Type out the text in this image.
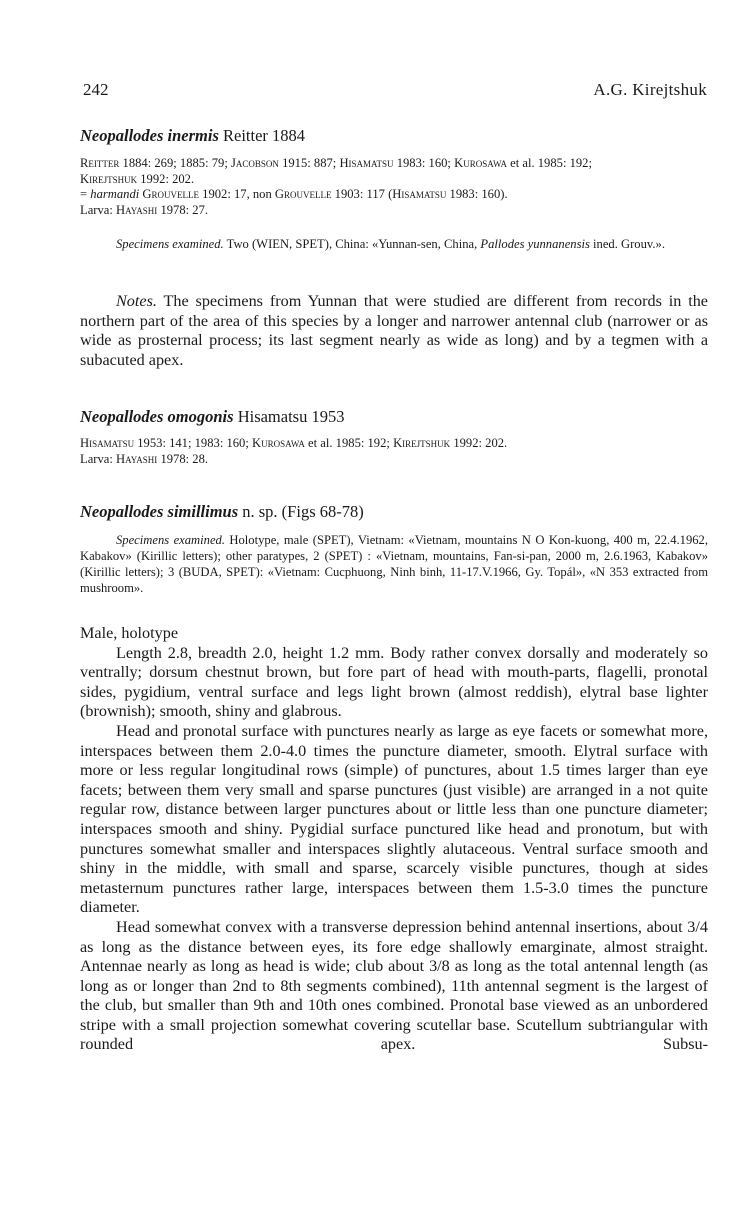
242	A.G. Kirejtshuk
Neopallodes inermis Reitter 1884

Reitter 1884: 269; 1885: 79; Jacobson 1915: 887; Hisamatsu 1983: 160; Kurosawa et al. 1985: 192;

Kirejtshuk 1992: 202.

= harmandi Grouvelle 1902: 17, non Grouvelle 1903: 117 (Hisamatsu 1983: 160).

Larva: Hayashi 1978: 27.

Specimens examined. Two (WIEN, SPET), China: «Yunnan-sen, China, Pallodes yunnanensis ined. Grouv.».

Notes. The specimens from Yunnan that were studied are different from records in the northern part of the area of this species by a longer and narrower antennal club (narrower or as wide as prosternal process; its last segment nearly as wide as long) and by a tegmen with a subacuted apex.

Neopallodes omogonis Hisamatsu 1953

Hisamatsu 1953: 141; 1983: 160; Kurosawa et al. 1985: 192; Kirejtshuk 1992: 202.

Larva: Hayashi 1978: 28.

Neopallodes simillimus n. sp. (Figs 68-78)

Specimens examined. Holotype, male (SPET), Vietnam: «Vietnam, mountains N O Kon-kuong, 400 m, 22.4.1962, Kabakov» (Kirillic letters); other paratypes, 2 (SPET) : «Vietnam, mountains, Fan-si-pan, 2000 m, 2.6.1963, Kabakov» (Kirillic letters); 3 (BUDA, SPET): «Vietnam: Cucphuong, Ninh binh, 11-17.V.1966, Gy. Topál», «N 353 extracted from mushroom».

Male, holotype

Length 2.8, breadth 2.0, height 1.2 mm. Body rather convex dorsally and moderately so ventrally; dorsum chestnut brown, but fore part of head with mouth-parts, flagelli, pronotal sides, pygidium, ventral surface and legs light brown (almost reddish), elytral base lighter (brownish); smooth, shiny and glabrous.

Head and pronotal surface with punctures nearly as large as eye facets or somewhat more, interspaces between them 2.0-4.0 times the puncture diameter, smooth. Elytral surface with more or less regular longitudinal rows (simple) of punctures, about 1.5 times larger than eye facets; between them very small and sparse punctures (just visible) are arranged in a not quite regular row, distance between larger punctures about or little less than one puncture diameter; interspaces smooth and shiny. Pygidial surface punctured like head and pronotum, but with punctures somewhat smaller and interspaces slightly alutaceous. Ventral surface smooth and shiny in the middle, with small and sparse, scarcely visible punctures, though at sides metasternum punctures rather large, interspaces between them 1.5-3.0 times the puncture diameter.

Head somewhat convex with a transverse depression behind antennal insertions, about 3/4 as long as the distance between eyes, its fore edge shallowly emarginate, almost straight. Antennae nearly as long as head is wide; club about 3/8 as long as the total antennal length (as long as or longer than 2nd to 8th segments combined), 11th antennal segment is the largest of the club, but smaller than 9th and 10th ones combined. Pronotal base viewed as an unbordered stripe with a small projection somewhat covering scutellar base. Scutellum subtriangular with rounded apex. Subsu-
